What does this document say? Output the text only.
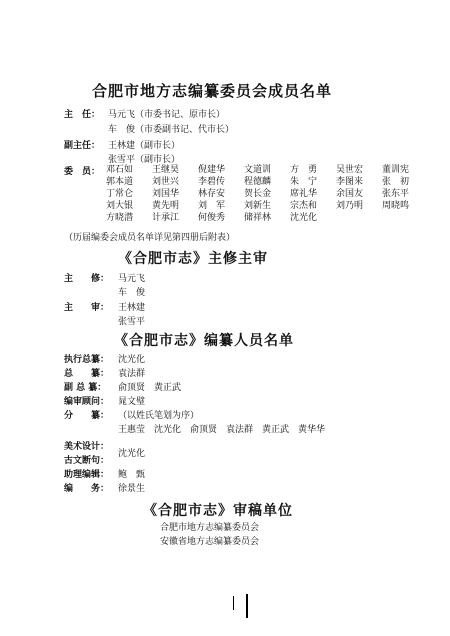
合肥市地方志编纂委员会成员名单
主　任： 马元飞（市委书记、原市长）
车　俊（市委副书记、代市长）
副主任： 王林建（副市长）
张雪平（副市长）
委　员： 邓石如	王继昊	倪建华	文道训	方　勇	吴世宏	董训宪
郭本道	刘世兴	李碧传	程德麟	朱　宁	李图来	张　初
丁常仑	刘国华	林存安	贺长金	席礼华	余国友	张东平
刘大银	黄先明	刘　军	刘新生	宗杰和	刘乃明	周晓鸣
方晓潜	计承江	何俊秀	储祥林	沈光化
（历届编委会成员名单详见第四册后附表）
《合肥市志》主修主审
主　　修： 马元飞
车　俊
主　　审： 王林建
张雪平
《合肥市志》编纂人员名单
执行总纂： 沈光化
总　　纂： 袁法群
副 总 纂： 俞顶贤　黄正武
编审顾问： 晁文璧
分　　纂： （以姓氏笔划为序）
王惠莹　沈光化　俞顶贤　袁法群　黄正武　黄华华
美术设计：
古文断句：
沈光化
助理编辑： 鲍　甄
编　　务： 徐景生
《合肥市志》审稿单位
合肥市地方志编纂委员会
安徽省地方志编纂委员会
